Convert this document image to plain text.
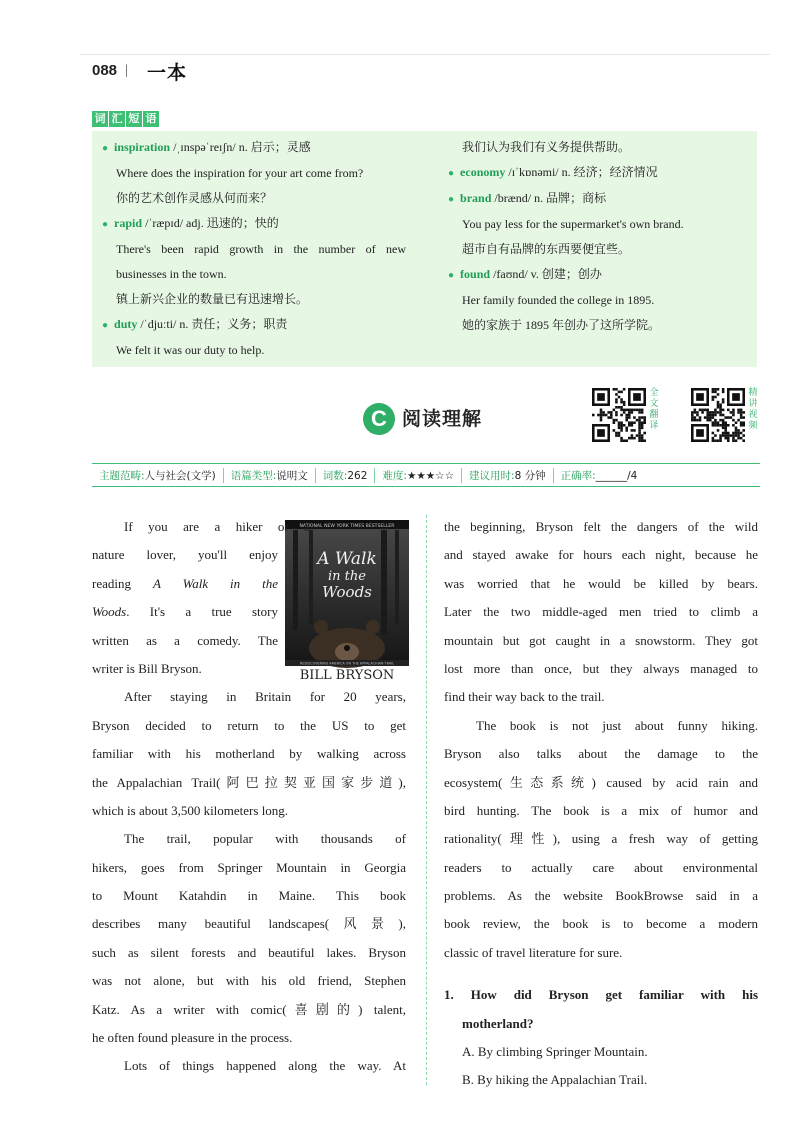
088 | 一本
词 汇 短 语
● inspiration /ˌɪnspəˈreɪʃn/ n. 启示；灵感
Where does the inspiration for your art come from?
你的艺术创作灵感从何而来？
● rapid /ˈræpɪd/ adj. 迅速的；快的
There's been rapid growth in the number of new
businesses in the town.
镇上新兴企业的数量已有迅速增长。
● duty /ˈdjuːti/ n. 责任；义务；职责
We felt it was our duty to help.
我们认为我们有义务提供帮助。
● economy /ɪˈkɒnəmi/ n. 经济；经济情况
● brand /brænd/ n. 品牌；商标
You pay less for the supermarket's own brand.
超市自有品牌的东西要便宜些。
● found /faʊnd/ v. 创建；创办
Her family founded the college in 1895.
她的家族于 1895 年创办了这所学院。
C 阅读理解
全
文
翻
译
精
讲
视
频
主题范畴:人与社会(文学)	语篇类型:说明文	词数:262	难度:★★★☆☆	建议用时:8 分钟	正确率:______/4
NATIONAL NEW YORK TIMES BESTSELLER
A Walk
in the
Woods
REDISCOVERING AMERICA ON THE APPALACHIAN TRAIL
BILL BRYSON
If you are a hiker or a
nature lover, you'll enjoy
reading A Walk in the
Woods. It's a true story
written as a comedy. The
writer is Bill Bryson.
After staying in Britain for 20 years,
Bryson decided to return to the US to get
familiar with his motherland by walking across
the Appalachian Trail(阿巴拉契亚国家步道),
which is about 3,500 kilometers long.
The trail, popular with thousands of
hikers, goes from Springer Mountain in Georgia
to Mount Katahdin in Maine. This book
describes many beautiful landscapes(风景),
such as silent forests and beautiful lakes. Bryson
was not alone, but with his old friend, Stephen
Katz. As a writer with comic(喜剧的) talent,
he often found pleasure in the process.
Lots of things happened along the way. At
the beginning, Bryson felt the dangers of the wild
and stayed awake for hours each night, because he
was worried that he would be killed by bears.
Later the two middle-aged men tried to climb a
mountain but got caught in a snowstorm. They got
lost more than once, but they always managed to
find their way back to the trail.
The book is not just about funny hiking.
Bryson also talks about the damage to the
ecosystem(生态系统) caused by acid rain and
bird hunting. The book is a mix of humor and
rationality(理性), using a fresh way of getting
readers to actually care about environmental
problems. As the website BookBrowse said in a
book review, the book is to become a modern
classic of travel literature for sure.
1. How did Bryson get familiar with his
motherland?
A. By climbing Springer Mountain.
B. By hiking the Appalachian Trail.
